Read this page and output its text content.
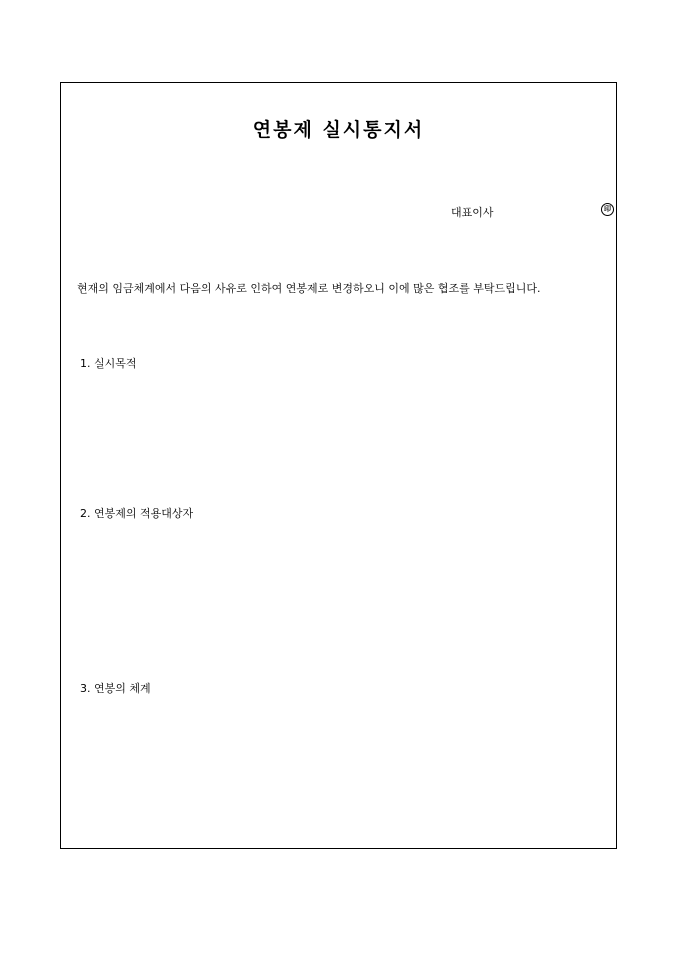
연봉제 실시통지서
대표이사	印
현재의 임금체계에서 다음의 사유로 인하여 연봉제로 변경하오니 이에 많은 협조를 부탁드립니다.
1. 실시목적
2. 연봉제의 적용대상자
3. 연봉의 체계
